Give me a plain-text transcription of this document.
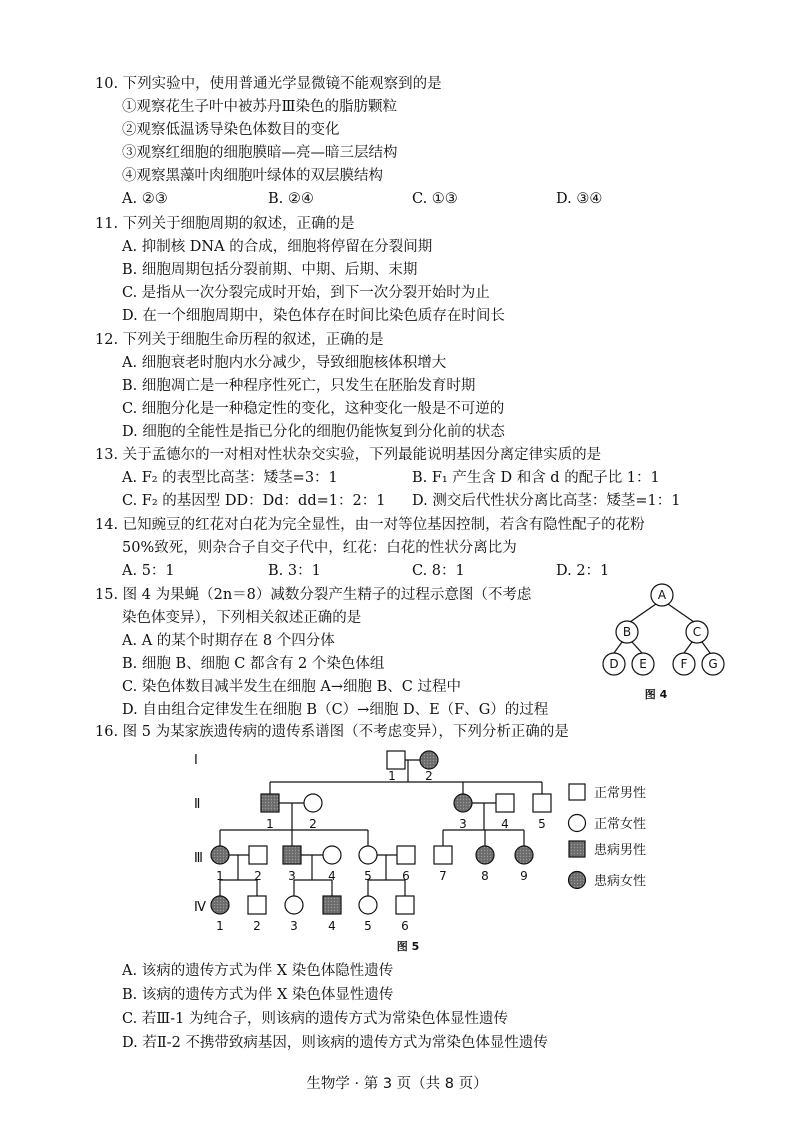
10. 下列实验中，使用普通光学显微镜不能观察到的是
①观察花生子叶中被苏丹Ⅲ染色的脂肪颗粒
②观察低温诱导染色体数目的变化
③观察红细胞的细胞膜暗—亮—暗三层结构
④观察黑藻叶肉细胞叶绿体的双层膜结构
A. ②③	B. ②④	C. ①③	D. ③④
11. 下列关于细胞周期的叙述，正确的是
A. 抑制核 DNA 的合成，细胞将停留在分裂间期
B. 细胞周期包括分裂前期、中期、后期、末期
C. 是指从一次分裂完成时开始，到下一次分裂开始时为止
D. 在一个细胞周期中，染色体存在时间比染色质存在时间长
12. 下列关于细胞生命历程的叙述，正确的是
A. 细胞衰老时胞内水分减少，导致细胞核体积增大
B. 细胞凋亡是一种程序性死亡，只发生在胚胎发育时期
C. 细胞分化是一种稳定性的变化，这种变化一般是不可逆的
D. 细胞的全能性是指已分化的细胞仍能恢复到分化前的状态
13. 关于孟德尔的一对相对性状杂交实验，下列最能说明基因分离定律实质的是
A. F₂ 的表型比高茎：矮茎=3：1	B. F₁ 产生含 D 和含 d 的配子比 1：1
C. F₂ 的基因型 DD：Dd：dd=1：2：1 D. 测交后代性状分离比高茎：矮茎=1：1
14. 已知豌豆的红花对白花为完全显性，由一对等位基因控制，若含有隐性配子的花粉
50%致死，则杂合子自交子代中，红花：白花的性状分离比为
A. 5：1	B. 3：1	C. 8：1	D. 2：1
15. 图 4 为果蝇（2n＝8）减数分裂产生精子的过程示意图（不考虑
染色体变异），下列相关叙述正确的是
A. A 的某个时期存在 8 个四分体
B. 细胞 B、细胞 C 都含有 2 个染色体组
C. 染色体数目减半发生在细胞 A→细胞 B、C 过程中
D. 自由组合定律发生在细胞 B（C）→细胞 D、E（F、G）的过程
A
B	C
D E	F G
图 4
16. 图 5 为某家族遗传病的遗传系谱图（不考虑变异），下列分析正确的是
Ⅰ
Ⅱ
Ⅲ
Ⅳ
1 2
1	2	3	4 5
1	2 3	4 5	6 7	8	9
1 2 3	4 5 6
图 5
正常男性
正常女性
患病男性
患病女性
A. 该病的遗传方式为伴 X 染色体隐性遗传
B. 该病的遗传方式为伴 X 染色体显性遗传
C. 若Ⅲ-1 为纯合子，则该病的遗传方式为常染色体显性遗传
D. 若Ⅱ-2 不携带致病基因，则该病的遗传方式为常染色体显性遗传
生物学 · 第 3 页（共 8 页）
